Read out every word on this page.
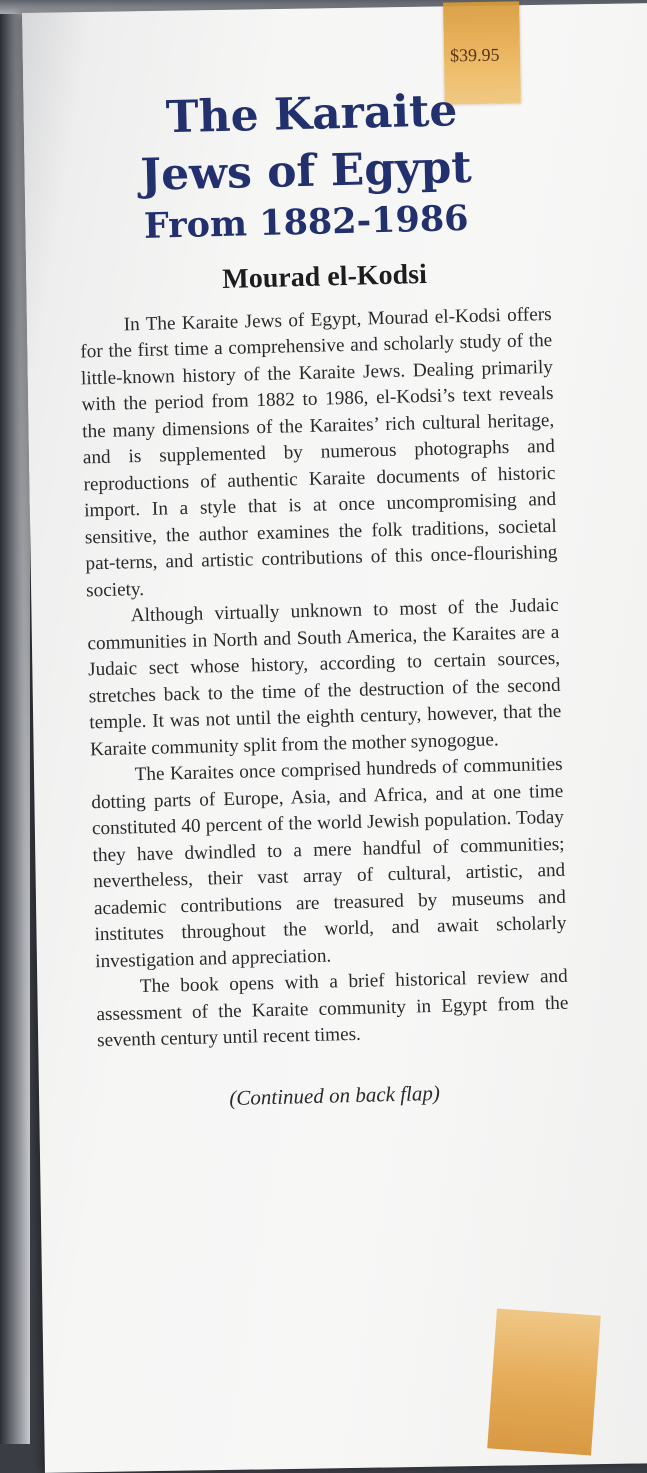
$39.95
The Karaite
Jews of Egypt
From 1882-1986
Mourad el-Kodsi

In The Karaite Jews of Egypt, Mourad el-Kodsi offers for the first time a comprehensive and scholarly study of the little-known history of the Karaite Jews. Dealing primarily with the period from 1882 to 1986, el-Kodsi’s text reveals the many dimensions of the Karaites’ rich cultural heritage, and is supplemented by numerous photographs and reproductions of authentic Karaite documents of historic import. In a style that is at once uncompromising and sensitive, the author examines the folk traditions, societal pat-terns, and artistic contributions of this once-flourishing society.

Although virtually unknown to most of the Judaic communities in North and South America, the Karaites are a Judaic sect whose history, according to certain sources, stretches back to the time of the destruction of the second temple. It was not until the eighth century, however, that the Karaite community split from the mother synogogue.

The Karaites once comprised hundreds of communities dotting parts of Europe, Asia, and Africa, and at one time constituted 40 percent of the world Jewish population. Today they have dwindled to a mere handful of communities; nevertheless, their vast array of cultural, artistic, and academic contributions are treasured by museums and institutes throughout the world, and await scholarly investigation and appreciation.

The book opens with a brief historical review and assessment of the Karaite community in Egypt from the seventh century until recent times.

(Continued on back flap)
